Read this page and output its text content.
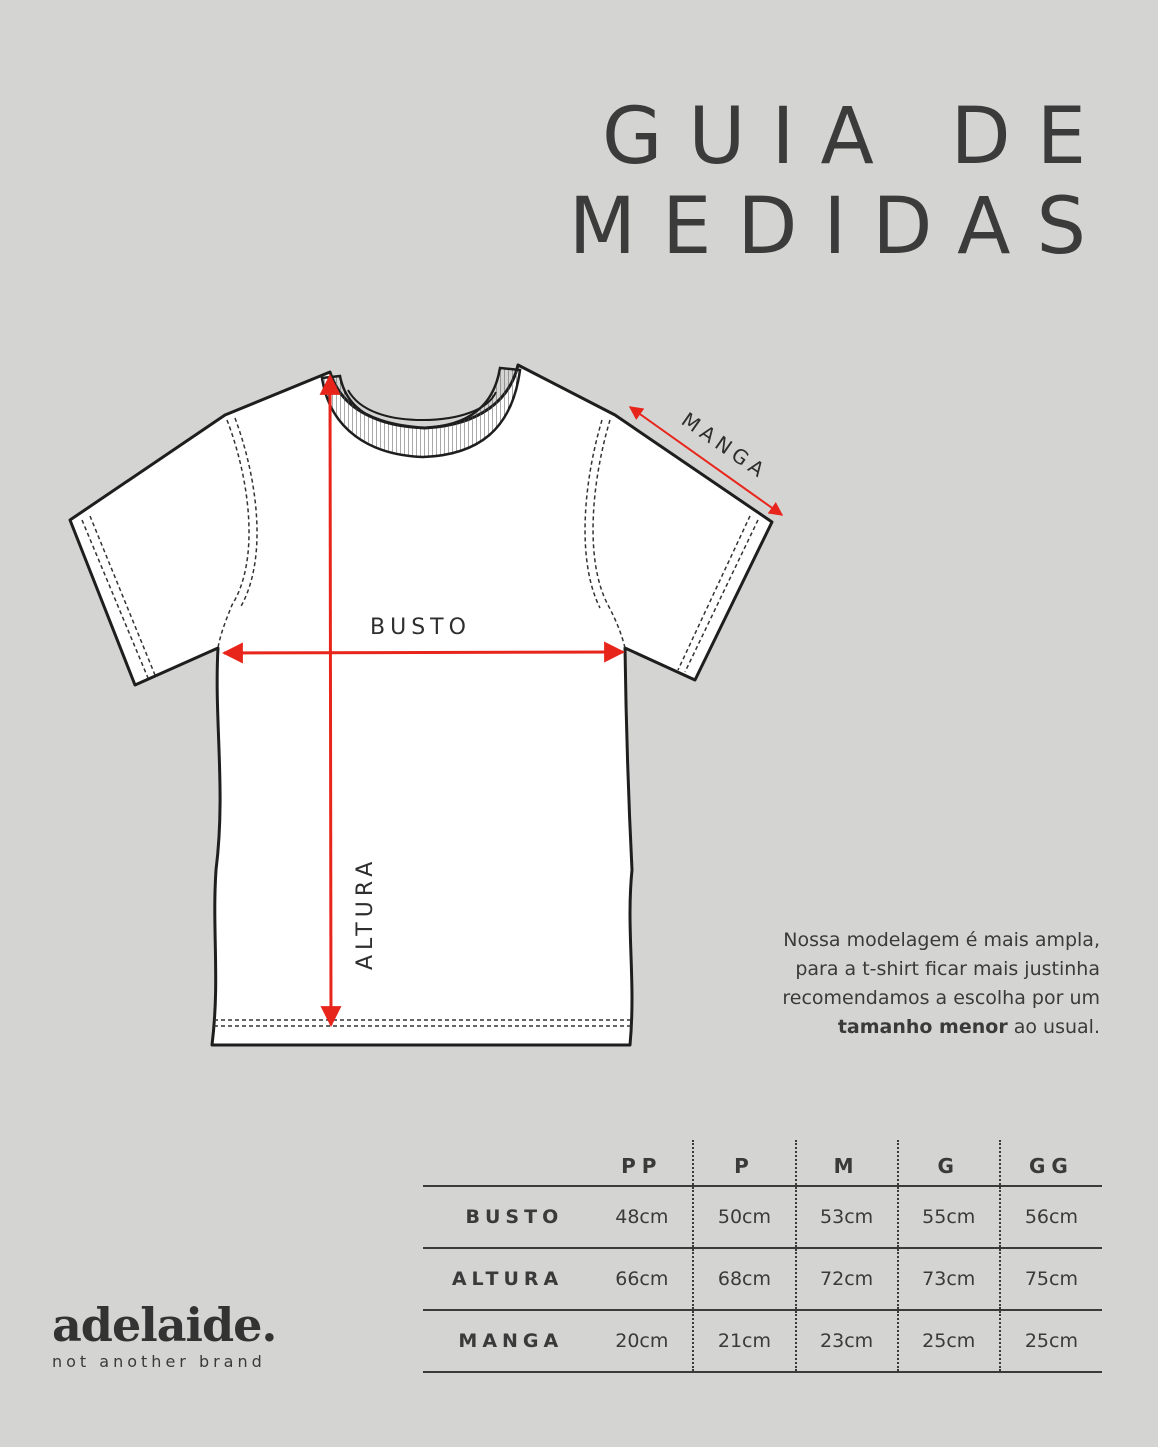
GUIA DE
MEDIDAS
BUSTO
ALTURA
MANGA
Nossa modelagem é mais ampla,
para a t-shirt ficar mais justinha
recomendamos a escolha por um
tamanho menor ao usual.
	PP	P	M	G	GG
BUSTO	48cm	50cm	53cm	55cm	56cm
ALTURA	66cm	68cm	72cm	73cm	75cm
MANGA	20cm	21cm	23cm	25cm	25cm
adelaide.
not another brand
